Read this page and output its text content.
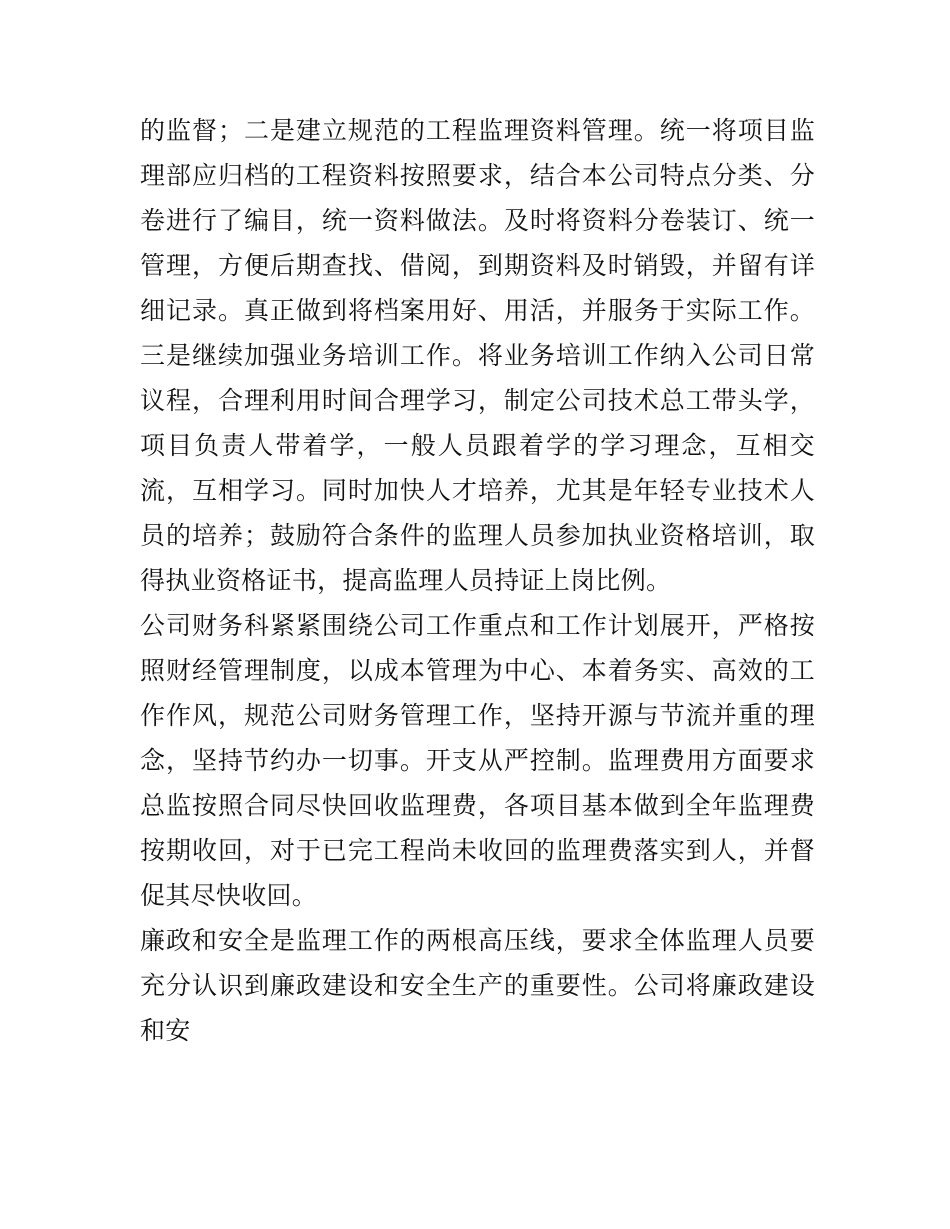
的监督；二是建立规范的工程监理资料管理。统一将项目监理部应归档的工程资料按照要求，结合本公司特点分类、分卷进行了编目，统一资料做法。及时将资料分卷装订、统一管理，方便后期查找、借阅，到期资料及时销毁，并留有详细记录。真正做到将档案用好、用活，并服务于实际工作。三是继续加强业务培训工作。将业务培训工作纳入公司日常议程，合理利用时间合理学习，制定公司技术总工带头学，项目负责人带着学，一般人员跟着学的学习理念，互相交流，互相学习。同时加快人才培养，尤其是年轻专业技术人员的培养；鼓励符合条件的监理人员参加执业资格培训，取得执业资格证书，提高监理人员持证上岗比例。

公司财务科紧紧围绕公司工作重点和工作计划展开，严格按照财经管理制度，以成本管理为中心、本着务实、高效的工作作风，规范公司财务管理工作，坚持开源与节流并重的理念，坚持节约办一切事。开支从严控制。监理费用方面要求总监按照合同尽快回收监理费，各项目基本做到全年监理费按期收回，对于已完工程尚未收回的监理费落实到人，并督促其尽快收回。

廉政和安全是监理工作的两根高压线，要求全体监理人员要充分认识到廉政建设和安全生产的重要性。公司将廉政建设和安
